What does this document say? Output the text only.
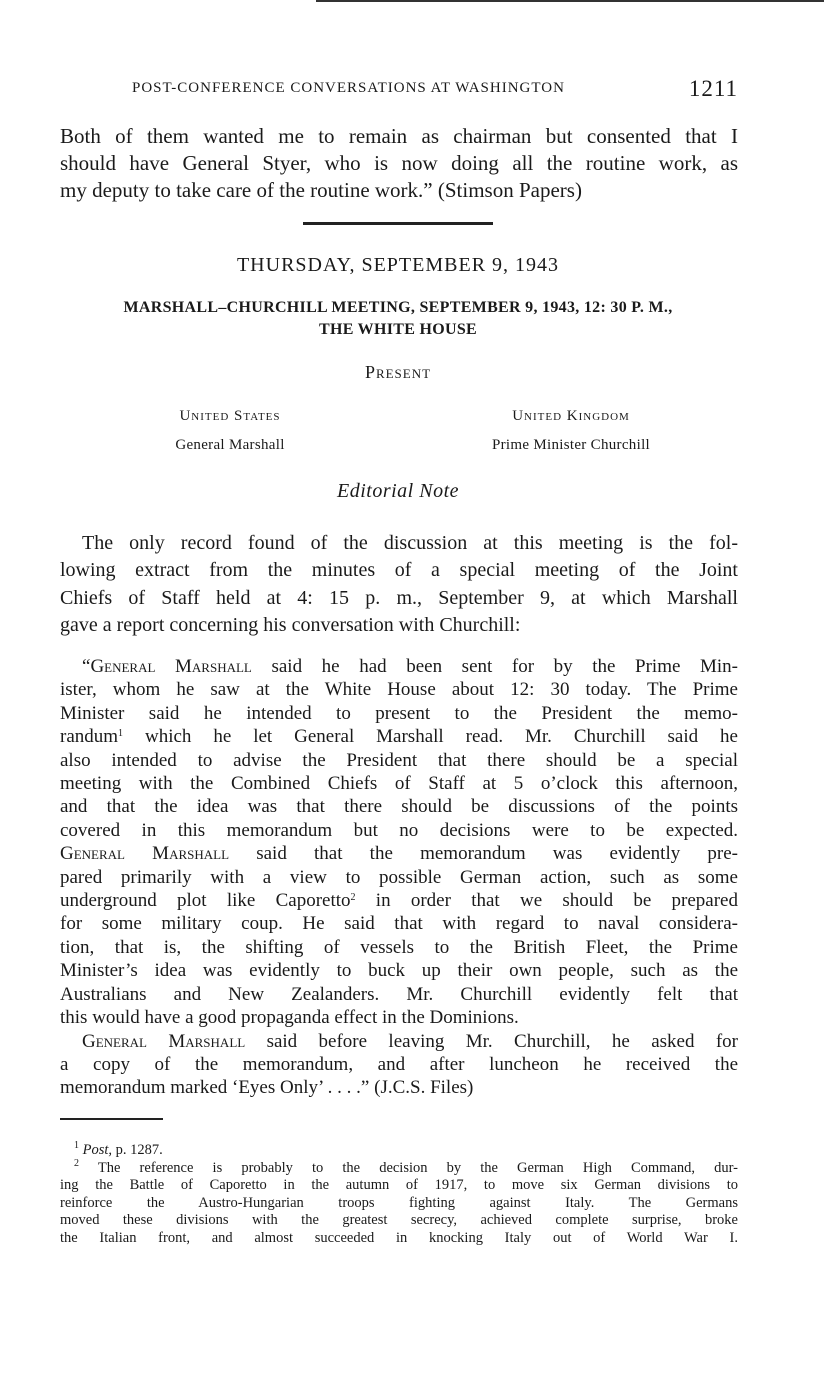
POST-CONFERENCE CONVERSATIONS AT WASHINGTON	1211
Both of them wanted me to remain as chairman but consented that I
should have General Styer, who is now doing all the routine work, as
my deputy to take care of the routine work.” (Stimson Papers)
THURSDAY, SEPTEMBER 9, 1943
MARSHALL–CHURCHILL MEETING, SEPTEMBER 9, 1943, 12: 30 P. M.,
THE WHITE HOUSE
Present
United States
General Marshall
United Kingdom
Prime Minister Churchill
Editorial Note
The only record found of the discussion at this meeting is the fol-
lowing extract from the minutes of a special meeting of the Joint
Chiefs of Staff held at 4: 15 p. m., September 9, at which Marshall
gave a report concerning his conversation with Churchill:
“General Marshall said he had been sent for by the Prime Min-
ister, whom he saw at the White House about 12: 30 today. The Prime
Minister said he intended to present to the President the memo-
randum$^1$ which he let General Marshall read. Mr. Churchill said he
also intended to advise the President that there should be a special
meeting with the Combined Chiefs of Staff at 5 o’clock this afternoon,
and that the idea was that there should be discussions of the points
covered in this memorandum but no decisions were to be expected.
General Marshall said that the memorandum was evidently pre-
pared primarily with a view to possible German action, such as some
underground plot like Caporetto$^2$ in order that we should be prepared
for some military coup. He said that with regard to naval considera-
tion, that is, the shifting of vessels to the British Fleet, the Prime
Minister’s idea was evidently to buck up their own people, such as the
Australians and New Zealanders. Mr. Churchill evidently felt that
this would have a good propaganda effect in the Dominions.
General Marshall said before leaving Mr. Churchill, he asked for
a copy of the memorandum, and after luncheon he received the
memorandum marked ‘Eyes Only’ . . . .” (J.C.S. Files)
$^1$ Post, p. 1287.
$^2$ The reference is probably to the decision by the German High Command, dur-
ing the Battle of Caporetto in the autumn of 1917, to move six German divisions to
reinforce the Austro-Hungarian troops fighting against Italy. The Germans
moved these divisions with the greatest secrecy, achieved complete surprise, broke
the Italian front, and almost succeeded in knocking Italy out of World War I.
